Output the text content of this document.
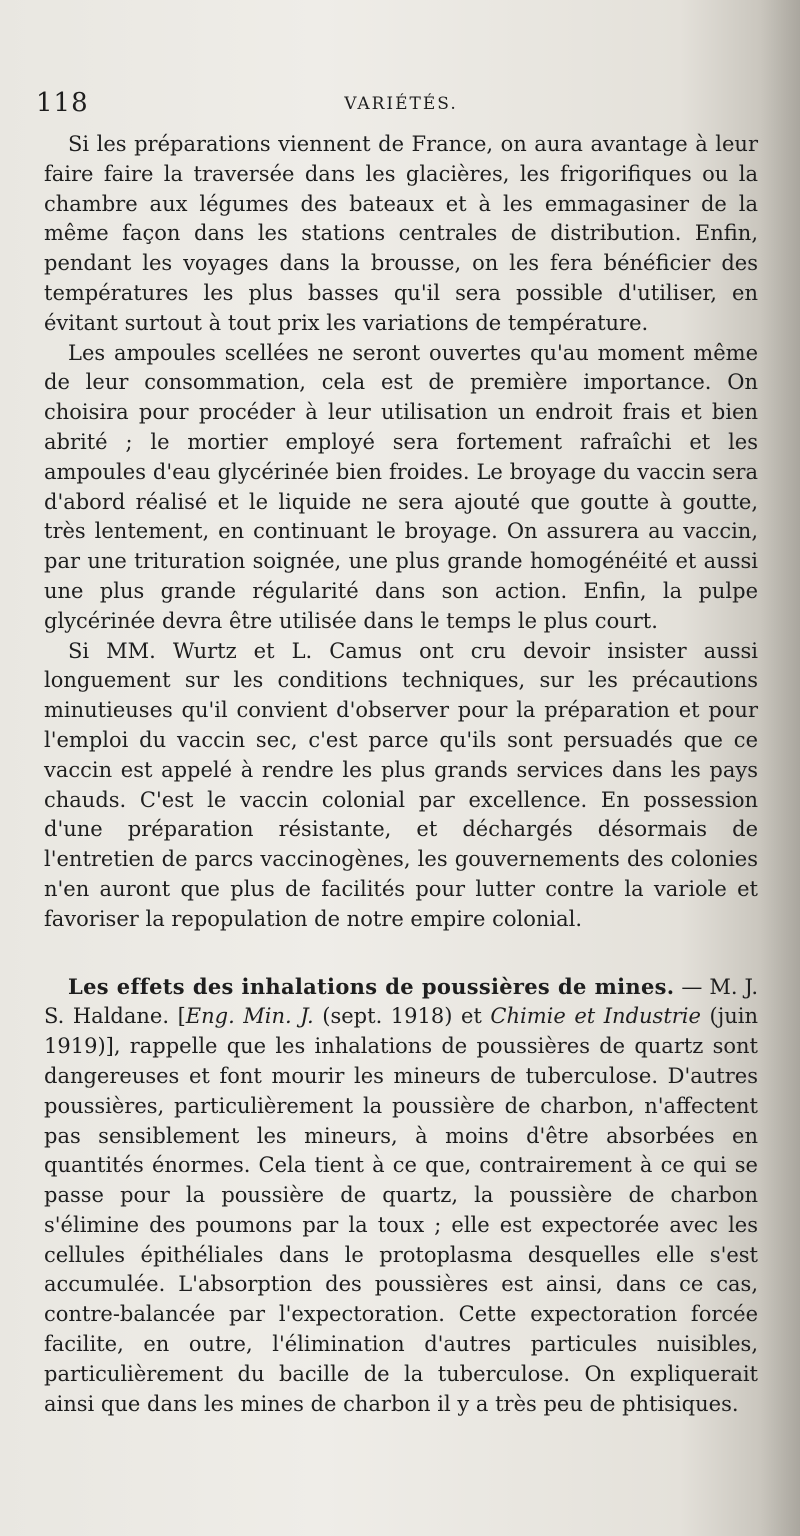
118	VARIÉTÉS.

Si les préparations viennent de France, on aura avantage à leur faire faire la traversée dans les glacières, les frigorifiques ou la chambre aux légumes des bateaux et à les emmagasiner de la même façon dans les stations centrales de distribution. Enfin, pendant les voyages dans la brousse, on les fera bénéficier des températures les plus basses qu'il sera possible d'utiliser, en évitant surtout à tout prix les variations de température.

Les ampoules scellées ne seront ouvertes qu'au moment même de leur consommation, cela est de première importance. On choisira pour procéder à leur utilisation un endroit frais et bien abrité ; le mortier employé sera fortement rafraîchi et les ampoules d'eau glycérinée bien froides. Le broyage du vaccin sera d'abord réalisé et le liquide ne sera ajouté que goutte à goutte, très lentement, en continuant le broyage. On assurera au vaccin, par une trituration soignée, une plus grande homogénéité et aussi une plus grande régularité dans son action. Enfin, la pulpe glycérinée devra être utilisée dans le temps le plus court.

Si MM. Wurtz et L. Camus ont cru devoir insister aussi longuement sur les conditions techniques, sur les précautions minutieuses qu'il convient d'observer pour la préparation et pour l'emploi du vaccin sec, c'est parce qu'ils sont persuadés que ce vaccin est appelé à rendre les plus grands services dans les pays chauds. C'est le vaccin colonial par excellence. En possession d'une préparation résistante, et déchargés désormais de l'entretien de parcs vaccinogènes, les gouvernements des colonies n'en auront que plus de facilités pour lutter contre la variole et favoriser la repopulation de notre empire colonial.

Les effets des inhalations de poussières de mines. — M. J. S. Haldane. [Eng. Min. J. (sept. 1918) et Chimie et Industrie (juin 1919)], rappelle que les inhalations de poussières de quartz sont dangereuses et font mourir les mineurs de tuberculose. D'autres poussières, particulièrement la poussière de charbon, n'affectent pas sensiblement les mineurs, à moins d'être absorbées en quantités énormes. Cela tient à ce que, contrairement à ce qui se passe pour la poussière de quartz, la poussière de charbon s'élimine des poumons par la toux ; elle est expectorée avec les cellules épithéliales dans le protoplasma desquelles elle s'est accumulée. L'absorption des poussières est ainsi, dans ce cas, contre-balancée par l'expectoration. Cette expectoration forcée facilite, en outre, l'élimination d'autres particules nuisibles, particulièrement du bacille de la tuberculose. On expliquerait ainsi que dans les mines de charbon il y a très peu de phtisiques.
